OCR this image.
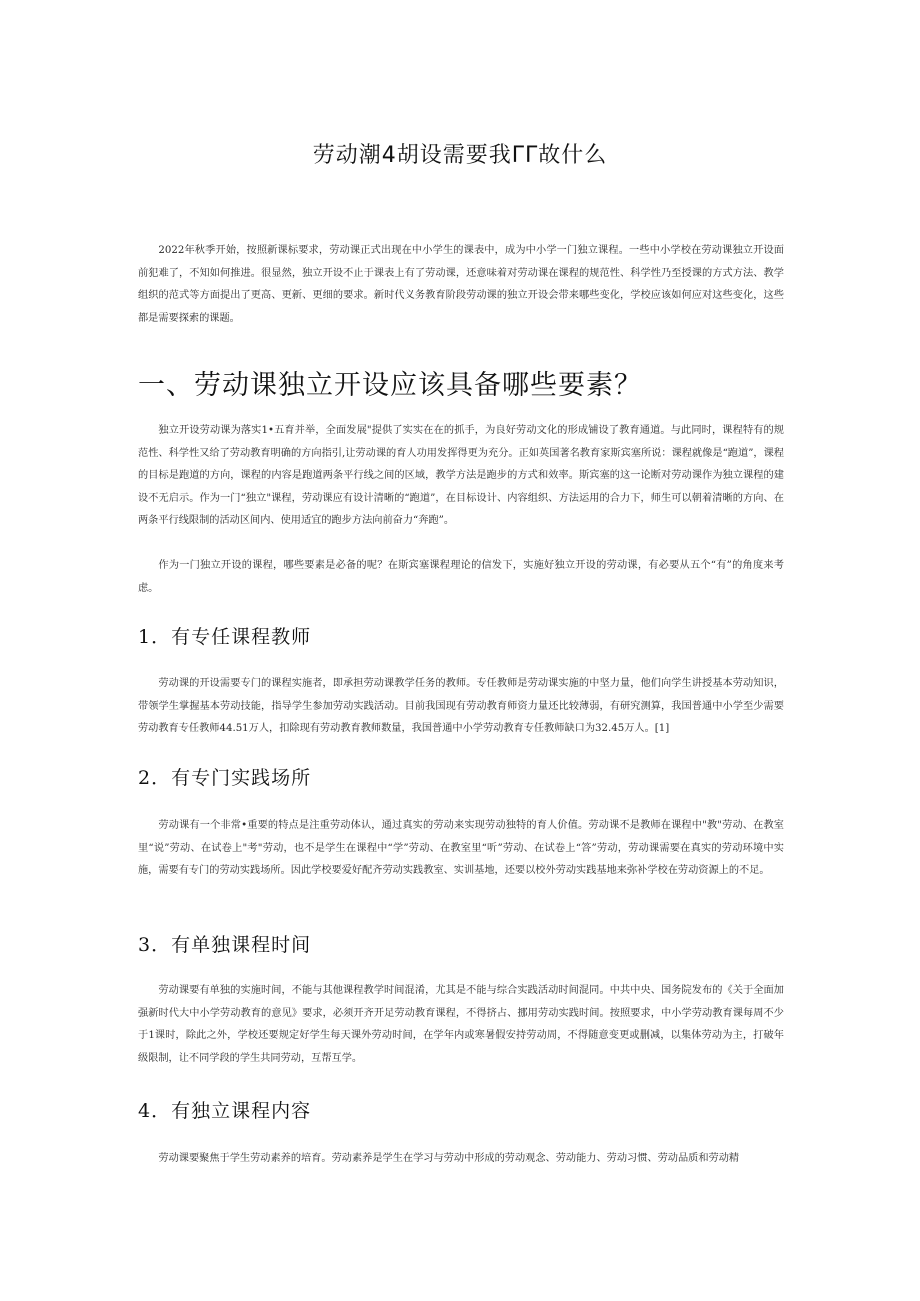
劳动潮4胡设需要我ΓΓ故什么

2022年秋季开始，按照新课标要求，劳动课正式出现在中小学生的课表中，成为中小学一门独立课程。一些中小学校在劳动课独立开设面前犯难了，不知如何推进。很显然，独立开设不止于课表上有了劳动课，还意味着对劳动课在课程的规范性、科学性乃至授课的方式方法、教学组织的范式等方面提出了更高、更新、更细的要求。新时代义务教育阶段劳动课的独立开设会带来哪些变化，学校应该如何应对这些变化，这些都是需要探索的课题。

一、劳动课独立开设应该具备哪些要素？

独立开设劳动课为落实1•五育并举，全面发展"提供了实实在在的抓手，为良好劳动文化的形成铺设了教育通道。与此同时，课程特有的规范性、科学性又给了劳动教育明确的方向指引,让劳动课的育人功用发挥得更为充分。正如英国著名教育家斯宾塞所说：课程就像是“跑道”，课程的目标是跑道的方向，课程的内容是跑道两条平行线之间的区域，教学方法是跑步的方式和效率。斯宾塞的这一论断对劳动课作为独立课程的建设不无启示。作为一门“独立"课程，劳动课应有设计清晰的“跑道”，在目标设计、内容组织、方法运用的合力下，师生可以朝着清晰的方向、在两条平行线限制的活动区间内、使用适宜的跑步方法向前奋力“奔跑”。

作为一门独立开设的课程，哪些要素是必备的呢？在斯宾塞课程理论的信发下，实施好独立开设的劳动课，有必要从五个“有”的角度来考虑。

1．有专任课程教师

劳动课的开设需要专门的课程实施者，即承担劳动课教学任务的教师。专任教师是劳动课实施的中坚力量，他们向学生讲授基本劳动知识，带领学生掌握基本劳动技能，指导学生参加劳动实践活动。目前我国现有劳动教育师资力量还比较薄弱，有研究测算，我国普通中小学至少需要劳动教育专任教师44.51万人，扣除现有劳动教育教师数量，我国普通中小学劳动教育专任教师缺口为32.45万人。[1]

2．有专门实践场所

劳动课有一个非常•重要的特点是注重劳动体认，通过真实的劳动来实现劳动独特的育人价值。劳动课不是教师在课程中"教"劳动、在教室里“说”劳动、在试卷上"考"劳动，也不是学生在课程中“学”劳动、在教室里“听”劳动、在试卷上“答”劳动，劳动课需要在真实的劳动环境中实施，需要有专门的劳动实践场所。因此学校要爱好配齐劳动实践教室、实训基地，还要以校外劳动实践基地来弥补学校在劳动资源上的不足。

3．有单独课程时间

劳动课要有单独的实施时间，不能与其他课程教学时间混淆，尤其是不能与综合实践活动时间混同。中共中央、国务院发布的《关于全面加强新时代大中小学劳动教育的意见》要求，必须开齐开足劳动教育课程，不得挤占、挪用劳动实践时间。按照要求，中小学劳动教育课每周不少于1课时，除此之外，学校还要规定好学生每天课外劳动时间，在学年内或寒暑假安持劳动周，不得随意变更或删减，以集体劳动为主，打破年级限制，让不同学段的学生共同劳动，互帮互学。

4．有独立课程内容

劳动课要聚焦于学生劳动素养的培育。劳动素养是学生在学习与劳动中形成的劳动观念、劳动能力、劳动习惯、劳动品质和劳动精
